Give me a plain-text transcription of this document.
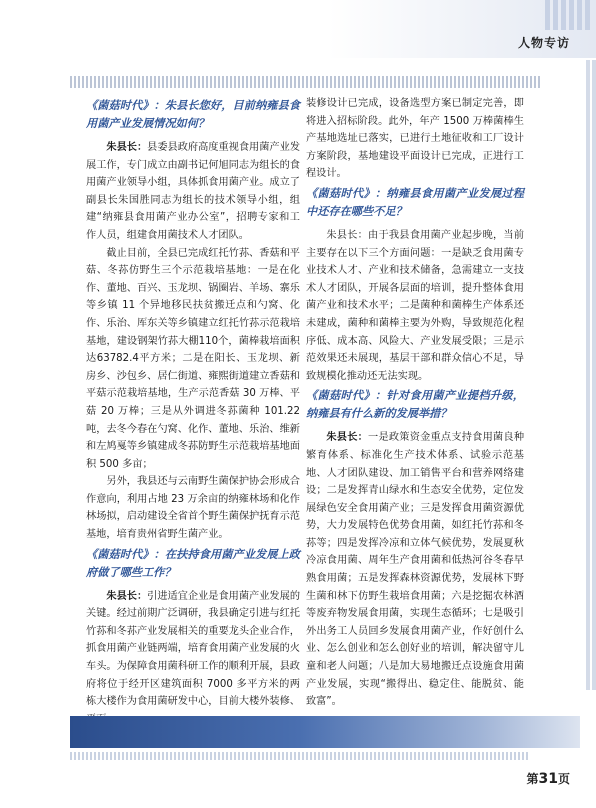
人物专访

《菌菇时代》：朱县长您好，目前纳雍县食用菌产业发展情况如何？

朱县长：县委县政府高度重视食用菌产业发展工作，专门成立由副书记何旭同志为组长的食用菌产业领导小组，具体抓食用菌产业。成立了副县长朱国胜同志为组长的技术领导小组，组建“纳雍县食用菌产业办公室”，招聘专家和工作人员，组建食用菌技术人才团队。

截止目前，全县已完成红托竹荪、香菇和平菇、冬荪仿野生三个示范栽培基地：一是在化作、董地、百兴、玉龙坝、锅圈岩、羊场、寨乐等乡镇 11 个异地移民扶贫搬迁点和勺窝、化作、乐治、厍东关等乡镇建立红托竹荪示范栽培基地，建设钢架竹荪大棚110个，菌棒栽培面积达63782.4平方米；二是在阳长、玉龙坝、新房乡、沙包乡、居仁街道、雍熙街道建立香菇和平菇示范栽培基地，生产示范香菇 30 万棒、平菇 20 万棒；三是从外调进冬荪菌种 101.22 吨，去冬今春在勺窝、化作、董地、乐治、维新和左鸠戛等乡镇建成冬荪防野生示范栽培基地面积 500 多亩；

另外，我县还与云南野生菌保护协会形成合作意向，利用占地 23 万余亩的纳雍林场和化作林场拟，启动建设全省首个野生菌保护抚育示范基地，培育贵州省野生菌产业。

《菌菇时代》：在扶持食用菌产业发展上政府做了哪些工作？

朱县长：引进适宜企业是食用菌产业发展的关键。经过前期广泛调研，我县确定引进与红托竹荪和冬荪产业发展相关的重要龙头企业合作，抓食用菌产业链两端，培育食用菌产业发展的火车头。为保障食用菌科研工作的顺利开展，县政府将位于经开区建筑面积 7000 多平方米的两栋大楼作为食用菌研发中心，目前大楼外装修、

装修设计已完成，设备选型方案已制定完善，即将进入招标阶段。此外，年产 1500 万棒菌棒生产基地选址已落实，已进行土地征收和工厂设计方案阶段，基地建设平面设计已完成，正进行工程设计。

《菌菇时代》：纳雍县食用菌产业发展过程中还存在哪些不足？

朱县长：由于我县食用菌产业起步晚，当前主要存在以下三个方面问题：一是缺乏食用菌专业技术人才、产业和技术储备，急需建立一支技术人才团队，开展各层面的培训，提升整体食用菌产业和技术水平；二是菌种和菌棒生产体系还未建成，菌种和菌棒主要为外购，导致规范化程序低、成本高、风险大、产业发展受限；三是示范效果还未展现，基层干部和群众信心不足，导致规模化推动还无法实现。

《菌菇时代》：针对食用菌产业提档升级，纳雍县有什么新的发展举措？

朱县长：一是政策资金重点支持食用菌良种繁育体系、标准化生产技术体系、试验示范基地、人才团队建设、加工销售平台和营养网络建设；二是发挥青山绿水和生态安全优势，定位发展绿色安全食用菌产业；三是发挥食用菌资源优势，大力发展特色优势食用菌，如红托竹荪和冬荪等；四是发挥冷凉和立体气候优势，发展夏秋冷凉食用菌、周年生产食用菌和低热河谷冬春早熟食用菌；五是发挥森林资源优势，发展林下野生菌和林下仿野生栽培食用菌；六是挖掘农林酒等废弃物发展食用菌，实现生态循环；七是吸引外出务工人员回乡发展食用菌产业，作好创什么业、怎么创业和怎么创好业的培训，解决留守儿童和老人问题；八是加大易地搬迁点设施食用菌产业发展，实现“搬得出、稳定住、能脱贫、能致富”。

第31页
